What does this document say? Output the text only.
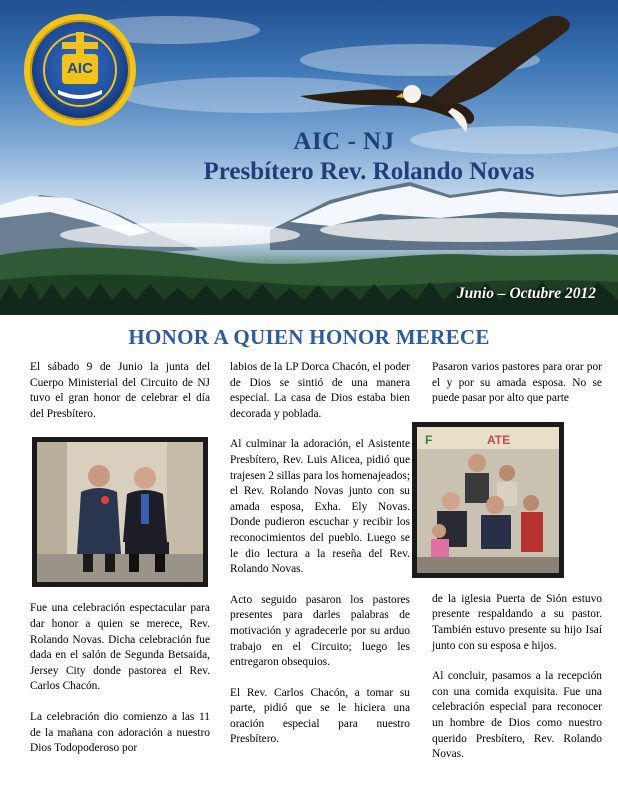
AIC
AIC - NJ
Presbítero Rev. Rolando Novas
Junio – Octubre 2012
HONOR A QUIEN HONOR MERECE

El sábado 9 de Junio la junta del Cuerpo Ministerial del Circuito de NJ tuvo el gran honor de celebrar el día del Presbítero.

Fue una celebración espectacular para dar honor a quien se merece, Rev. Rolando Novas. Dicha celebración fue dada en el salón de Segunda Betsaida, Jersey City donde pastorea el Rev. Carlos Chacón.

La celebración dio comienzo a las 11 de la mañana con adoración a nuestro Dios Todopoderoso por

labios de la LP Dorca Chacón, el poder de Dios se sintió de una manera especial. La casa de Dios estaba bien decorada y poblada.

Al culminar la adoración, el Asistente Presbítero, Rev. Luis Alicea, pidió que trajesen 2 sillas para los homenajeados; el Rev. Rolando Novas junto con su amada esposa, Exha. Ely Novas. Donde pudieron escuchar y recibir los reconocimientos del pueblo. Luego se le dio lectura a la reseña del Rev. Rolando Novas.

Acto seguido pasaron los pastores presentes para darles palabras de motivación y agradecerle por su arduo trabajo en el Circuito; luego les entregaron obsequios.

El Rev. Carlos Chacón, a tomar su parte, pidió que se le hiciera una oración especial para nuestro Presbítero.

Pasaron varios pastores para orar por el y por su amada esposa. No se puede pasar por alto que parte

F	ATE

de la iglesia Puerta de Sión estuvo presente respaldando a su pastor. También estuvo presente su hijo Isaí junto con su esposa e hijos.

Al concluir, pasamos a la recepción con una comida exquisita. Fue una celebración especial para reconocer un hombre de Dios como nuestro querido Presbítero, Rev. Rolando Novas.
